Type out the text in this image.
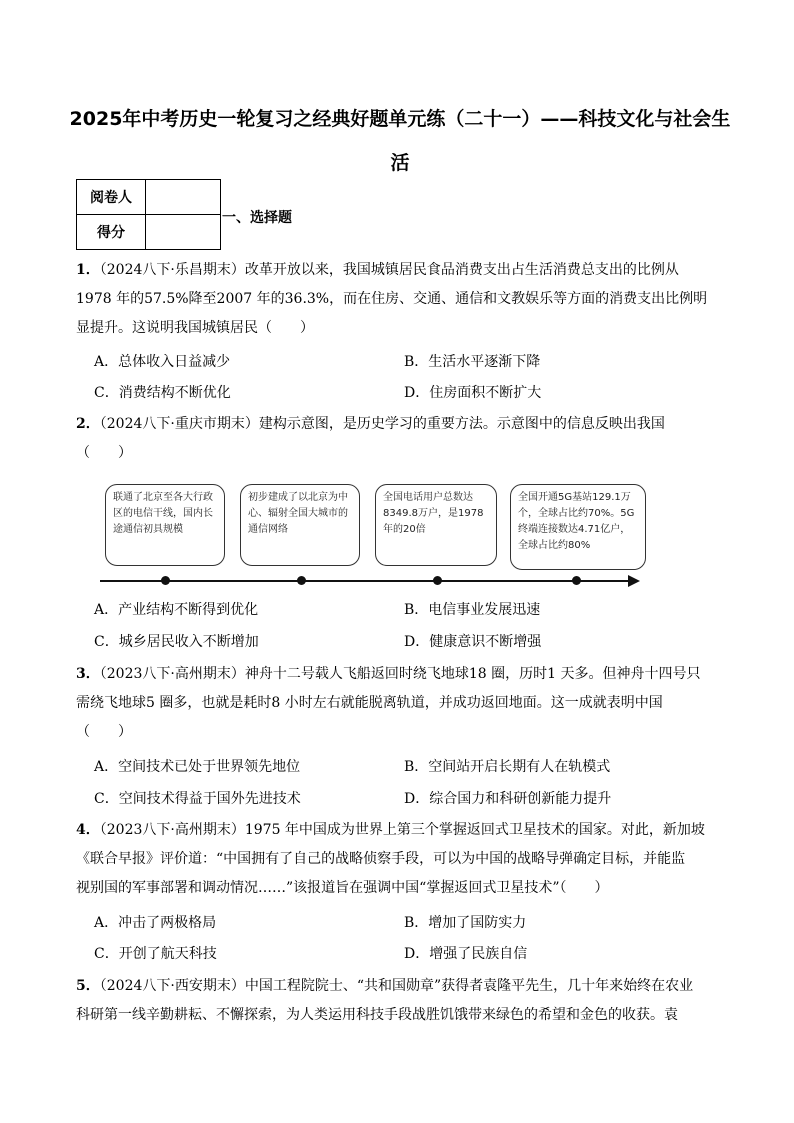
2025年中考历史一轮复习之经典好题单元练（二十一）——科技文化与社会生
活
阅卷人	
得分	
一、选择题
1．（2024八下·乐昌期末）改革开放以来，我国城镇居民食品消费支出占生活消费总支出的比例从
1978 年的57.5%降至2007 年的36.3%，而在住房、交通、通信和文教娱乐等方面的消费支出比例明
显提升。这说明我国城镇居民（　　）
A．总体收入日益减少	B．生活水平逐渐下降
C．消费结构不断优化	D．住房面积不断扩大
2．（2024八下·重庆市期末）建构示意图，是历史学习的重要方法。示意图中的信息反映出我国
（　　）
联通了北京至各大行政区的电信干线，国内长途通信初具规模
初步建成了以北京为中心、辐射全国大城市的通信网络
全国电话用户总数达8349.8万户，是1978年的20倍
全国开通5G基站129.1万个，全球占比约70%。5G终端连接数达4.71亿户，全球占比约80%
A．产业结构不断得到优化	B．电信事业发展迅速
C．城乡居民收入不断增加	D．健康意识不断增强
3．（2023八下·高州期末）神舟十二号载人飞船返回时绕飞地球18 圈，历时1 天多。但神舟十四号只
需绕飞地球5 圈多，也就是耗时8 小时左右就能脱离轨道，并成功返回地面。这一成就表明中国
（　　）
A．空间技术已处于世界领先地位	B．空间站开启长期有人在轨模式
C．空间技术得益于国外先进技术	D．综合国力和科研创新能力提升
4．（2023八下·高州期末）1975 年中国成为世界上第三个掌握返回式卫星技术的国家。对此，新加坡
《联合早报》评价道：“中国拥有了自己的战略侦察手段，可以为中国的战略导弹确定目标，并能监
视别国的军事部署和调动情况……”该报道旨在强调中国“掌握返回式卫星技术”（　　）
A．冲击了两极格局	B．增加了国防实力
C．开创了航天科技	D．增强了民族自信
5．（2024八下·西安期末）中国工程院院士、“共和国勋章”获得者袁隆平先生，几十年来始终在农业
科研第一线辛勤耕耘、不懈探索，为人类运用科技手段战胜饥饿带来绿色的希望和金色的收获。袁
